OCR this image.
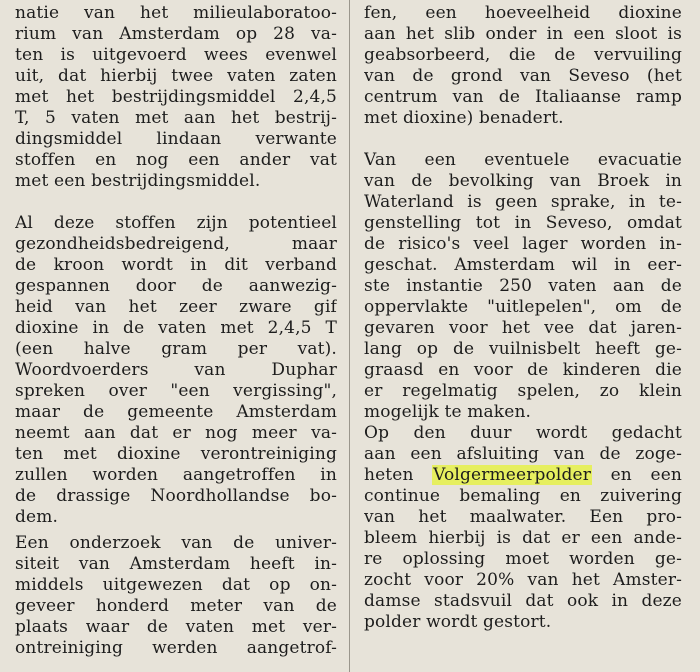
natie van het milieulaboratoo-
rium van Amsterdam op 28 va-
ten is uitgevoerd wees evenwel
uit, dat hierbij twee vaten zaten
met het bestrijdingsmiddel 2,4,5
T, 5 vaten met aan het bestrij-
dingsmiddel lindaan verwante
stoffen en nog een ander vat
met een bestrijdingsmiddel.
Al deze stoffen zijn potentieel
gezondheidsbedreigend, maar
de kroon wordt in dit verband
gespannen door de aanwezig-
heid van het zeer zware gif
dioxine in de vaten met 2,4,5 T
(een halve gram per vat).
Woordvoerders van Duphar
spreken over "een vergissing",
maar de gemeente Amsterdam
neemt aan dat er nog meer va-
ten met dioxine verontreiniging
zullen worden aangetroffen in
de drassige Noordhollandse bo-
dem.
Een onderzoek van de univer-
siteit van Amsterdam heeft in-
middels uitgewezen dat op on-
geveer honderd meter van de
plaats waar de vaten met ver-
ontreiniging werden aangetrof-
fen, een hoeveelheid dioxine
aan het slib onder in een sloot is
geabsorbeerd, die de vervuiling
van de grond van Seveso (het
centrum van de Italiaanse ramp
met dioxine) benadert.
Van een eventuele evacuatie
van de bevolking van Broek in
Waterland is geen sprake, in te-
genstelling tot in Seveso, omdat
de risico's veel lager worden in-
geschat. Amsterdam wil in eer-
ste instantie 250 vaten aan de
oppervlakte "uitlepelen", om de
gevaren voor het vee dat jaren-
lang op de vuilnisbelt heeft ge-
graasd en voor de kinderen die
er regelmatig spelen, zo klein
mogelijk te maken.
Op den duur wordt gedacht
aan een afsluiting van de zoge-
heten Volgermeerpolder en een
continue bemaling en zuivering
van het maalwater. Een pro-
bleem hierbij is dat er een ande-
re oplossing moet worden ge-
zocht voor 20% van het Amster-
damse stadsvuil dat ook in deze
polder wordt gestort.
